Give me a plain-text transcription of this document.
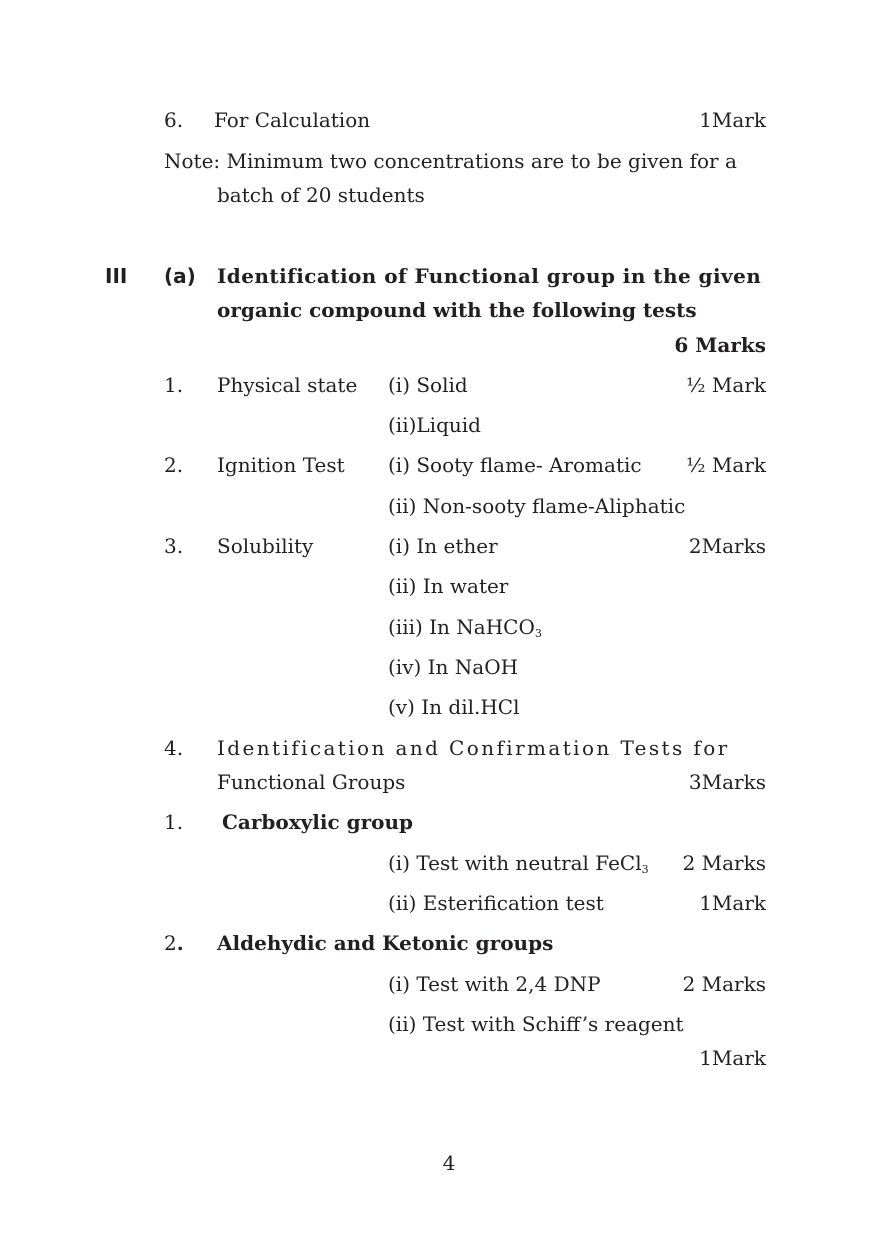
6. For Calculation	1Mark
Note: Minimum two concentrations are to be given for a
batch of 20 students
III (a) Identification of Functional group in the given
organic compound with the following tests
6 Marks
1. Physical state (i) Solid	½ Mark
(ii)Liquid
2. Ignition Test (i) Sooty flame- Aromatic ½ Mark
(ii) Non-sooty flame-Aliphatic
3. Solubility	(i) In ether	2Marks
(ii) In water
(iii) In NaHCO$_3$
(iv) In NaOH
(v) In dil.HCl
4. Identification and Confirmation Tests for
Functional Groups	3Marks
1. Carboxylic group
(i) Test with neutral FeCl$_3$ 2 Marks
(ii) Esterification test	1Mark
2. Aldehydic and Ketonic groups
(i) Test with 2,4 DNP	2 Marks
(ii) Test with Schiff’s reagent
1Mark
4
